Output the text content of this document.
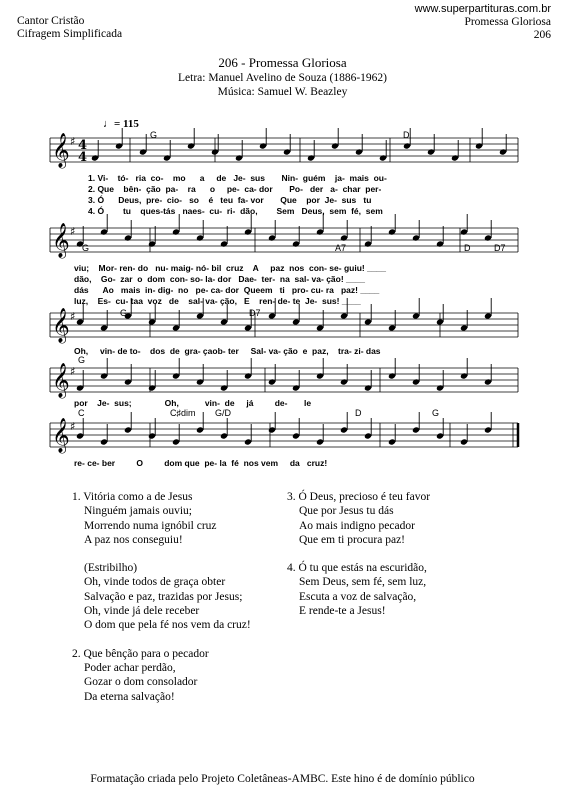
Cantor Cristão
Cifragem Simplificada
www.superpartituras.com.br
Promessa Gloriosa
206
206 - Promessa Gloriosa
Letra: Manuel Avelino de Souza (1886-1962)
Música: Samuel W. Beazley
♩= 115
𝄞 ♯ 4
4
𝄞 ♯
𝄞 ♯
𝄞 ♯
𝄞 ♯
G	D
G	A7	D	D7
G	D7
G
C	C♯dim G/D	D	G
1. Vi-    tó-   ria  co-    mo      a     de   Je-  sus       Nin-  guém    ja-  mais  ou-
2. Que    bên-  ção  pa-    ra      o     pe-  ca- dor       Po-   der   a-  char  per-
3. Ó      Deus,  pre-  cio-   so    é   teu  fa- vor       Que    por  Je-  sus   tu
4. Ó        tu    ques-tás   naes-  cu-  ri-  dão,        Sem   Deus,  sem  fé,  sem
viu;    Mor- ren- do   nu- maig- nó- bil  cruz    A     paz  nos  con- se- guiu! ____
dão,    Go-  zar  o  dom  con- so- la- dor   Dae-  ter-  na  sal- va- ção! ____
dás      Ao   mais  in- dig-  no   pe- ca- dor  Queem   ti   pro- cu- ra   paz! ____
luz,    Es-  cu- taa  voz   de    sal- va- ção,   E    ren- de- te  Je-  sus! ____
Oh,     vin- de to-    dos  de  gra- çaob- ter     Sal- va- ção  e  paz,    tra- zi- das
por    Je-  sus;              Oh,           vin-  de     já         de-       le
re- ce- ber         O         dom que  pe- la  fé  nos vem     da   cruz!
1. Vitória como a de Jesus
Ninguém jamais ouviu;
Morrendo numa ignóbil cruz
A paz nos conseguiu!
(Estribilho)
Oh, vinde todos de graça obter
Salvação e paz, trazidas por Jesus;
Oh, vinde já dele receber
O dom que pela fé nos vem da cruz!
2. Que bênção para o pecador
Poder achar perdão,
Gozar o dom consolador
Da eterna salvação!
3. Ó Deus, precioso é teu favor
Que por Jesus tu dás
Ao mais indigno pecador
Que em ti procura paz!
4. Ó tu que estás na escuridão,
Sem Deus, sem fé, sem luz,
Escuta a voz de salvação,
E rende-te a Jesus!
Formatação criada pelo Projeto Coletâneas-AMBC. Este hino é de domínio público
